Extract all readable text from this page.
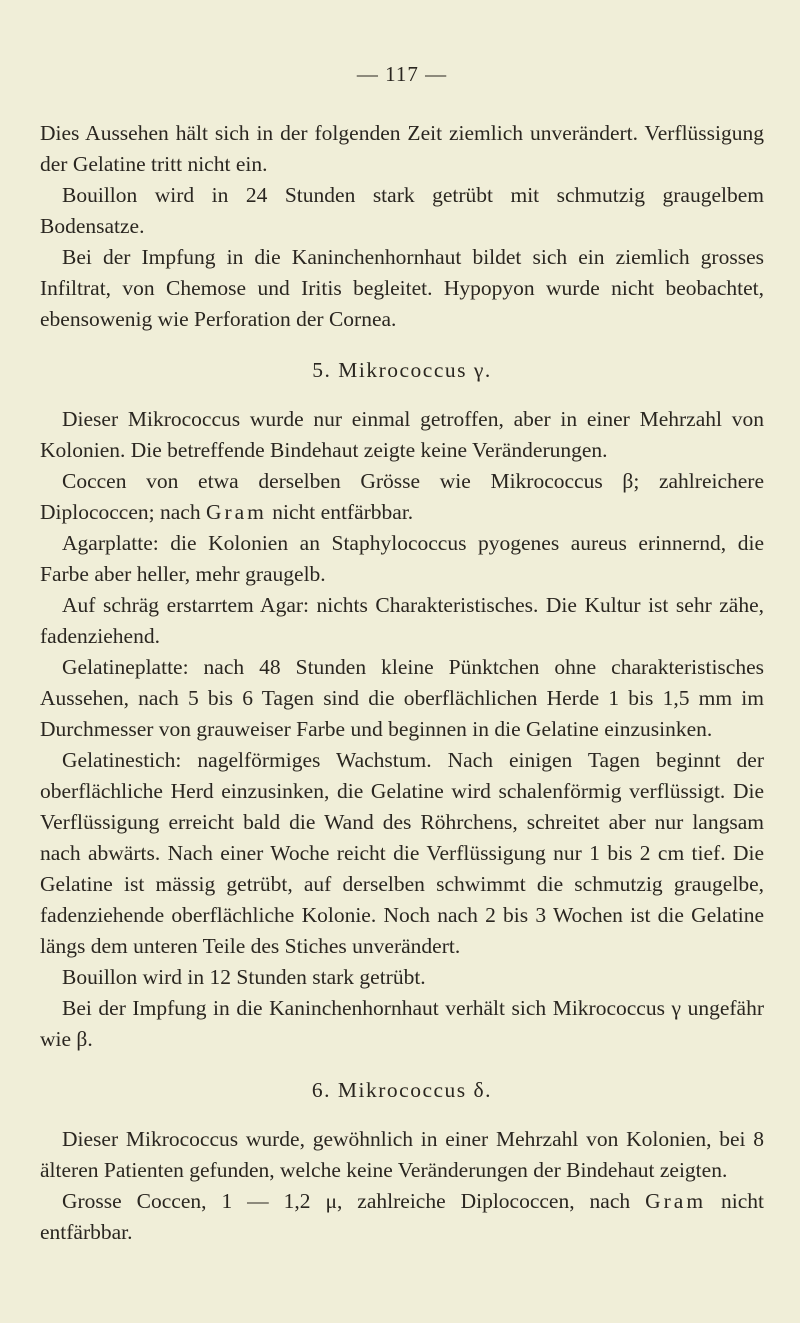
— 117 —

Dies Aussehen hält sich in der folgenden Zeit ziemlich unverändert. Verflüssigung der Gelatine tritt nicht ein.

Bouillon wird in 24 Stunden stark getrübt mit schmutzig graugelbem Bodensatze.

Bei der Impfung in die Kaninchenhornhaut bildet sich ein ziemlich grosses Infiltrat, von Chemose und Iritis begleitet. Hypopyon wurde nicht beobachtet, ebensowenig wie Perforation der Cornea.

5. Mikrococcus γ.

Dieser Mikrococcus wurde nur einmal getroffen, aber in einer Mehrzahl von Kolonien. Die betreffende Bindehaut zeigte keine Veränderungen.

Coccen von etwa derselben Grösse wie Mikrococcus β; zahlreichere Diplococcen; nach Gram nicht entfärbbar.

Agarplatte: die Kolonien an Staphylococcus pyogenes aureus erinnernd, die Farbe aber heller, mehr graugelb.

Auf schräg erstarrtem Agar: nichts Charakteristisches. Die Kultur ist sehr zähe, fadenziehend.

Gelatineplatte: nach 48 Stunden kleine Pünktchen ohne charakteristisches Aussehen, nach 5 bis 6 Tagen sind die oberflächlichen Herde 1 bis 1,5 mm im Durchmesser von grauweiser Farbe und beginnen in die Gelatine einzusinken.

Gelatinestich: nagelförmiges Wachstum. Nach einigen Tagen beginnt der oberflächliche Herd einzusinken, die Gelatine wird schalenförmig verflüssigt. Die Verflüssigung erreicht bald die Wand des Röhrchens, schreitet aber nur langsam nach abwärts. Nach einer Woche reicht die Verflüssigung nur 1 bis 2 cm tief. Die Gelatine ist mässig getrübt, auf derselben schwimmt die schmutzig graugelbe, fadenziehende oberflächliche Kolonie. Noch nach 2 bis 3 Wochen ist die Gelatine längs dem unteren Teile des Stiches unverändert.

Bouillon wird in 12 Stunden stark getrübt.

Bei der Impfung in die Kaninchenhornhaut verhält sich Mikrococcus γ ungefähr wie β.

6. Mikrococcus δ.

Dieser Mikrococcus wurde, gewöhnlich in einer Mehrzahl von Kolonien, bei 8 älteren Patienten gefunden, welche keine Veränderungen der Bindehaut zeigten.

Grosse Coccen, 1 — 1,2 μ, zahlreiche Diplococcen, nach Gram nicht entfärbbar.
